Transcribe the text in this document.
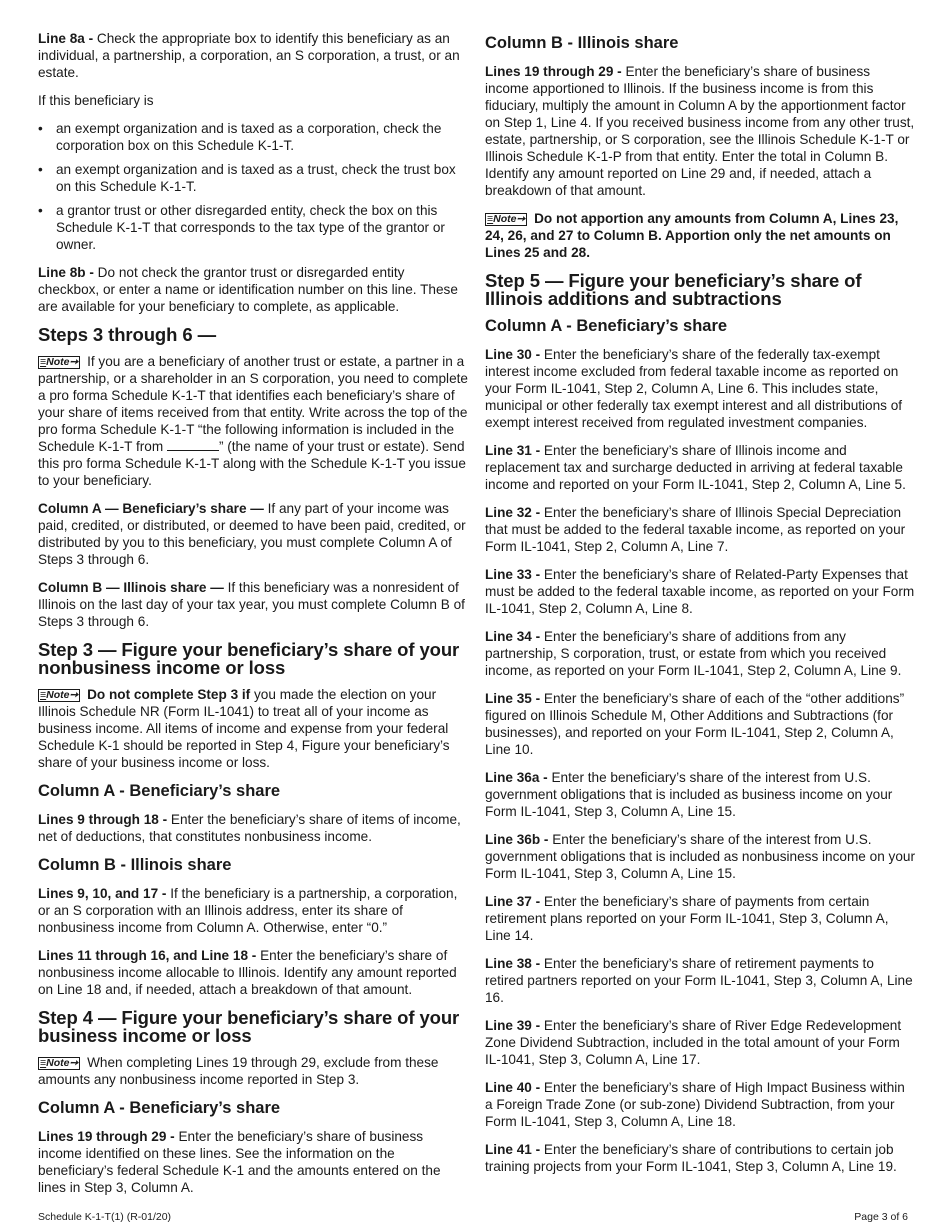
Line 8a - Check the appropriate box to identify this beneficiary as an individual, a partnership, a corporation, an S corporation, a trust, or an estate.

If this beneficiary is

• an exempt organization and is taxed as a corporation, check the corporation box on this Schedule K-1-T.
• an exempt organization and is taxed as a trust, check the trust box on this Schedule K-1-T.
• a grantor trust or other disregarded entity, check the box on this Schedule K-1-T that corresponds to the tax type of the grantor or owner.

Line 8b - Do not check the grantor trust or disregarded entity checkbox, or enter a name or identification number on this line. These are available for your beneficiary to complete, as applicable.

Steps 3 through 6 —

≡Note➙ If you are a beneficiary of another trust or estate, a partner in a partnership, or a shareholder in an S corporation, you need to complete a pro forma Schedule K-1-T that identifies each beneficiary’s share of your share of items received from that entity. Write across the top of the pro forma Schedule K-1-T “the following information is included in the Schedule K-1-T from	” (the name of your trust or estate). Send this pro forma Schedule K-1-T along with the Schedule K-1-T you issue to your beneficiary.

Column A — Beneficiary’s share — If any part of your income was paid, credited, or distributed, or deemed to have been paid, credited, or distributed by you to this beneficiary, you must complete Column A of Steps 3 through 6.

Column B — Illinois share — If this beneficiary was a nonresident of Illinois on the last day of your tax year, you must complete Column B of Steps 3 through 6.

Step 3 — Figure your beneficiary’s share of your nonbusiness income or loss

≡Note➙ Do not complete Step 3 if you made the election on your Illinois Schedule NR (Form IL-1041) to treat all of your income as business income. All items of income and expense from your federal Schedule K-1 should be reported in Step 4, Figure your beneficiary’s share of your business income or loss.

Column A - Beneficiary’s share

Lines 9 through 18 - Enter the beneficiary’s share of items of income, net of deductions, that constitutes nonbusiness income.

Column B - Illinois share

Lines 9, 10, and 17 - If the beneficiary is a partnership, a corporation, or an S corporation with an Illinois address, enter its share of nonbusiness income from Column A. Otherwise, enter “0.”

Lines 11 through 16, and Line 18 - Enter the beneficiary’s share of nonbusiness income allocable to Illinois. Identify any amount reported on Line 18 and, if needed, attach a breakdown of that amount.

Step 4 — Figure your beneficiary’s share of your business income or loss

≡Note➙ When completing Lines 19 through 29, exclude from these amounts any nonbusiness income reported in Step 3.

Column A - Beneficiary’s share

Lines 19 through 29 - Enter the beneficiary’s share of business income identified on these lines. See the information on the beneficiary’s federal Schedule K-1 and the amounts entered on the lines in Step 3, Column A.

Column B - Illinois share

Lines 19 through 29 - Enter the beneficiary’s share of business income apportioned to Illinois. If the business income is from this fiduciary, multiply the amount in Column A by the apportionment factor on Step 1, Line 4. If you received business income from any other trust, estate, partnership, or S corporation, see the Illinois Schedule K-1-T or Illinois Schedule K-1-P from that entity. Enter the total in Column B. Identify any amount reported on Line 29 and, if needed, attach a breakdown of that amount.

≡Note➙ Do not apportion any amounts from Column A, Lines 23, 24, 26, and 27 to Column B. Apportion only the net amounts on Lines 25 and 28.

Step 5 — Figure your beneficiary’s share of Illinois additions and subtractions
Column A - Beneficiary’s share

Line 30 - Enter the beneficiary’s share of the federally tax-exempt interest income excluded from federal taxable income as reported on your Form IL-1041, Step 2, Column A, Line 6. This includes state, municipal or other federally tax exempt interest and all distributions of exempt interest received from regulated investment companies.

Line 31 - Enter the beneficiary’s share of Illinois income and replacement tax and surcharge deducted in arriving at federal taxable income and reported on your Form IL-1041, Step 2, Column A, Line 5.

Line 32 - Enter the beneficiary’s share of Illinois Special Depreciation that must be added to the federal taxable income, as reported on your Form IL-1041, Step 2, Column A, Line 7.

Line 33 - Enter the beneficiary’s share of Related-Party Expenses that must be added to the federal taxable income, as reported on your Form IL-1041, Step 2, Column A, Line 8.

Line 34 - Enter the beneficiary’s share of additions from any partnership, S corporation, trust, or estate from which you received income, as reported on your Form IL-1041, Step 2, Column A, Line 9.

Line 35 - Enter the beneficiary’s share of each of the “other additions” figured on Illinois Schedule M, Other Additions and Subtractions (for businesses), and reported on your Form IL-1041, Step 2, Column A, Line 10.

Line 36a - Enter the beneficiary’s share of the interest from U.S. government obligations that is included as business income on your Form IL-1041, Step 3, Column A, Line 15.

Line 36b - Enter the beneficiary’s share of the interest from U.S. government obligations that is included as nonbusiness income on your Form IL-1041, Step 3, Column A, Line 15.

Line 37 - Enter the beneficiary’s share of payments from certain retirement plans reported on your Form IL-1041, Step 3, Column A, Line 14.

Line 38 - Enter the beneficiary’s share of retirement payments to retired partners reported on your Form IL-1041, Step 3, Column A, Line 16.

Line 39 - Enter the beneficiary’s share of River Edge Redevelopment Zone Dividend Subtraction, included in the total amount of your Form IL-1041, Step 3, Column A, Line 17.

Line 40 - Enter the beneficiary’s share of High Impact Business within a Foreign Trade Zone (or sub-zone) Dividend Subtraction, from your Form IL-1041, Step 3, Column A, Line 18.

Line 41 - Enter the beneficiary’s share of contributions to certain job training projects from your Form IL-1041, Step 3, Column A, Line 19.

Schedule K-1-T(1) (R-01/20)	Page 3 of 6
